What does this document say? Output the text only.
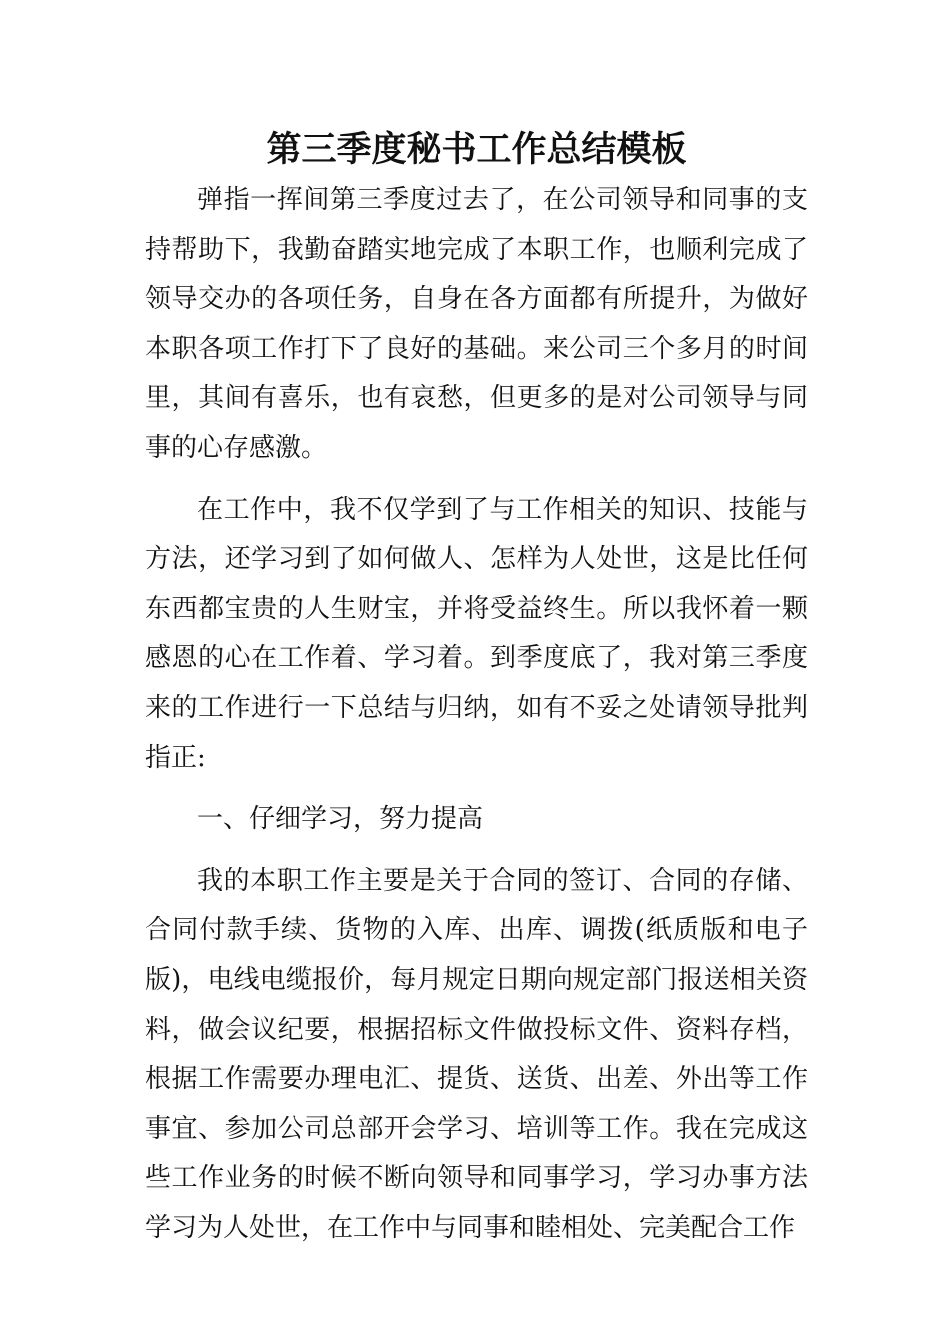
第三季度秘书工作总结模板

弹指一挥间第三季度过去了，在公司领导和同事的支持帮助下，我勤奋踏实地完成了本职工作，也顺利完成了领导交办的各项任务，自身在各方面都有所提升，为做好本职各项工作打下了良好的基础。来公司三个多月的时间里，其间有喜乐，也有哀愁，但更多的是对公司领导与同事的心存感激。

在工作中，我不仅学到了与工作相关的知识、技能与方法，还学习到了如何做人、怎样为人处世，这是比任何东西都宝贵的人生财宝，并将受益终生。所以我怀着一颗感恩的心在工作着、学习着。到季度底了，我对第三季度来的工作进行一下总结与归纳，如有不妥之处请领导批判指正:

一、仔细学习，努力提高

我的本职工作主要是关于合同的签订、合同的存储、合同付款手续、货物的入库、出库、调拨(纸质版和电子版)，电线电缆报价，每月规定日期向规定部门报送相关资料，做会议纪要，根据招标文件做投标文件、资料存档，根据工作需要办理电汇、提货、送货、出差、外出等工作事宜、参加公司总部开会学习、培训等工作。我在完成这些工作业务的时候不断向领导和同事学习，学习办事方法学习为人处世，在工作中与同事和睦相处、完美配合工作
